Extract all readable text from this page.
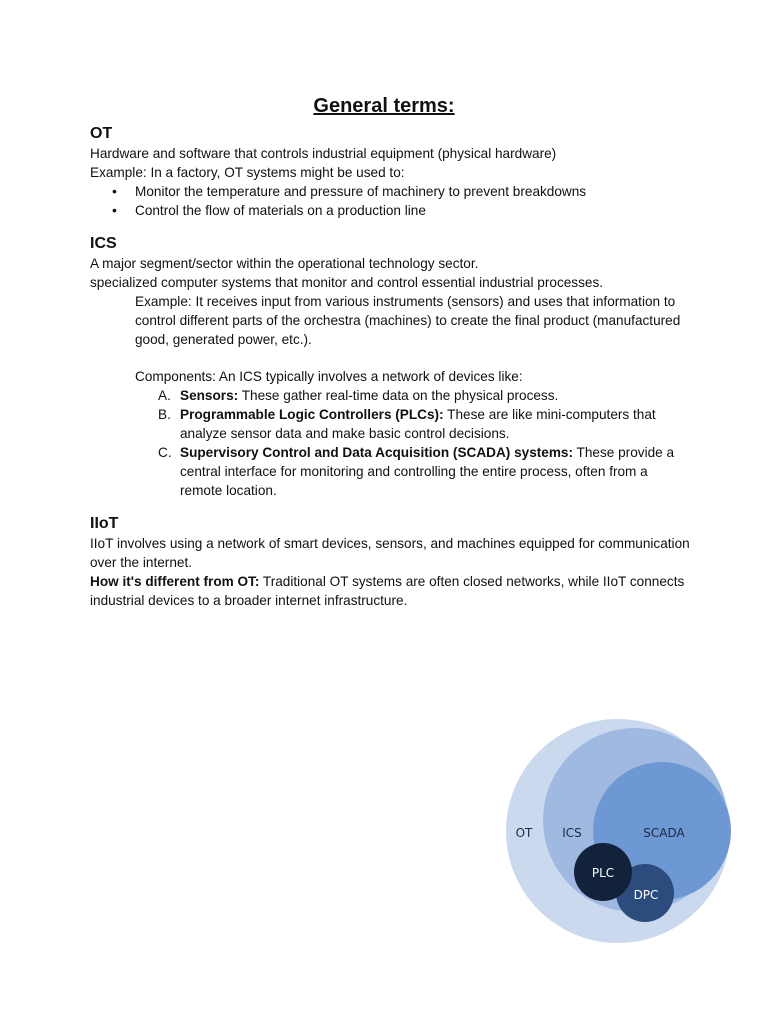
General terms:

OT

Hardware and software that controls industrial equipment (physical hardware)

Example: In a factory, OT systems might be used to:

• Monitor the temperature and pressure of machinery to prevent breakdowns
• Control the flow of materials on a production line

ICS

A major segment/sector within the operational technology sector.

specialized computer systems that monitor and control essential industrial processes.

Example: It receives input from various instruments (sensors) and uses that information to control different parts of the orchestra (machines) to create the final product (manufactured good, generated power, etc.).

Components: An ICS typically involves a network of devices like:

A. Sensors: These gather real-time data on the physical process.
B. Programmable Logic Controllers (PLCs): These are like mini-computers that analyze sensor data and make basic control decisions.
C. Supervisory Control and Data Acquisition (SCADA) systems: These provide a central interface for monitoring and controlling the entire process, often from a remote location.

IIoT

IIoT involves using a network of smart devices, sensors, and machines equipped for communication over the internet.

How it's different from OT: Traditional OT systems are often closed networks, while IIoT connects industrial devices to a broader internet infrastructure.

OT ICS	SCADA
PLC
DPC
